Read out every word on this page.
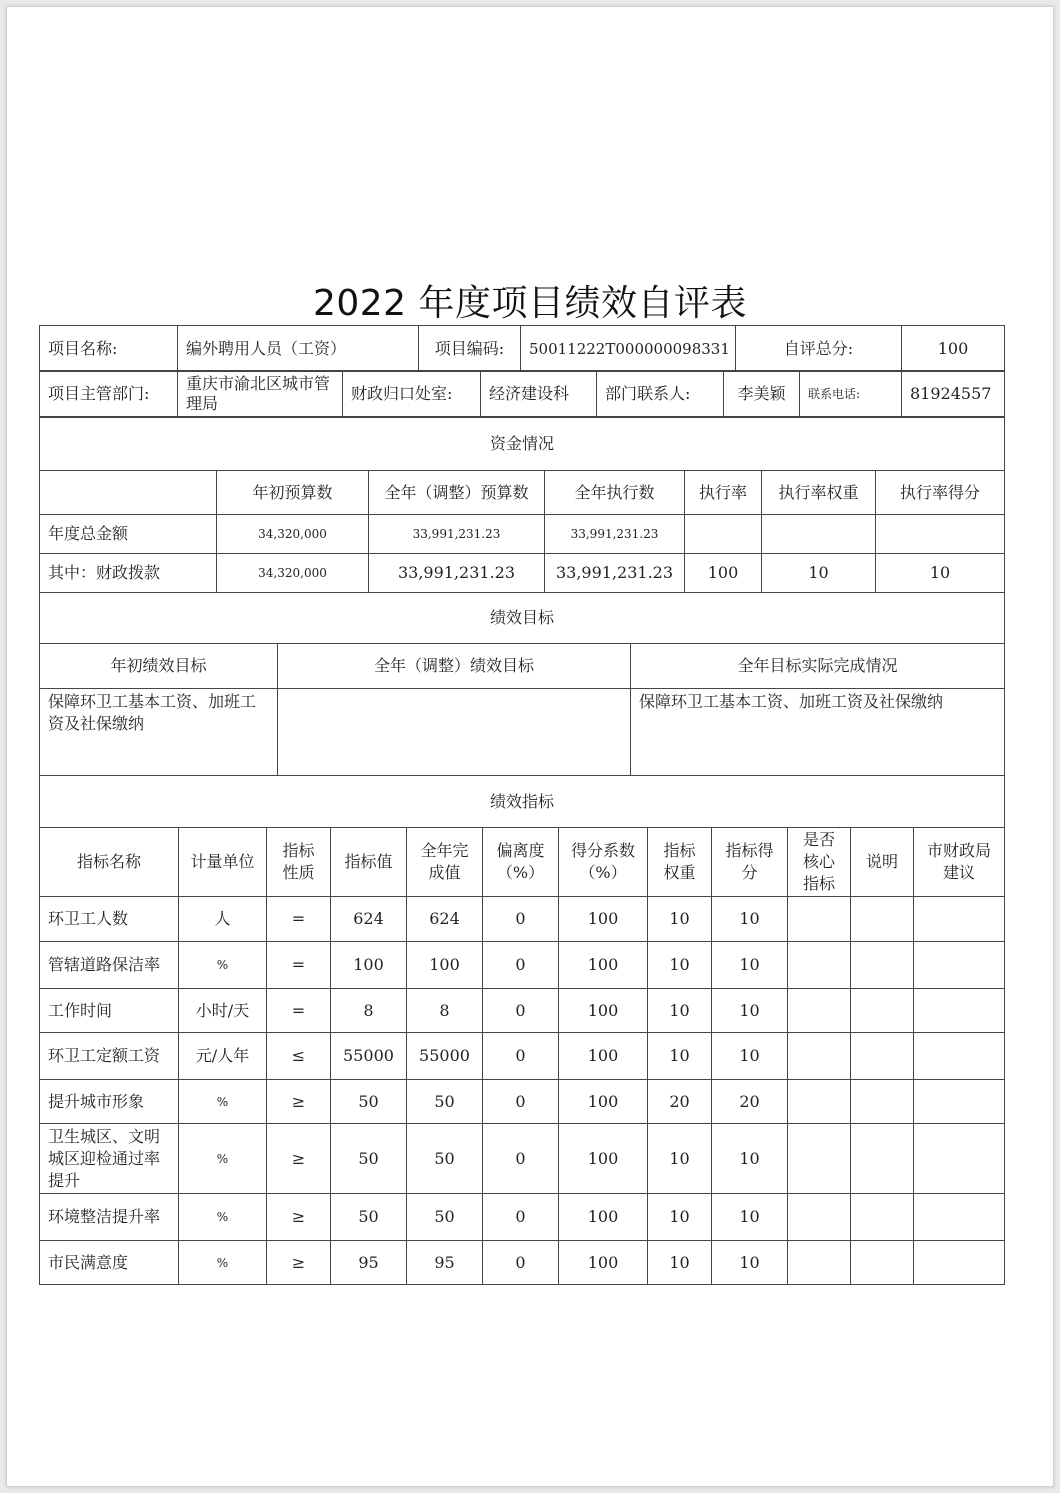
2022 年度项目绩效自评表
项目名称:	编外聘用人员（工资）	项目编码:	50011222T000000098331	自评总分:	100
项目主管部门:	重庆市渝北区城市管理局	财政归口处室:	经济建设科	部门联系人:	李美颖	联系电话:	81924557
资金情况						
	年初预算数	全年（调整）预算数	全年执行数	执行率	执行率权重	执行率得分
年度总金额	34,320,000	33,991,231.23	33,991,231.23			
其中：财政拨款	34,320,000	33,991,231.23	33,991,231.23	100	10	10
绩效目标		
年初绩效目标	全年（调整）绩效目标	全年目标实际完成情况
保障环卫工基本工资、加班工资及社保缴纳		保障环卫工基本工资、加班工资及社保缴纳
绩效指标											
指标名称	计量单位	指标性质	指标值	全年完成值	偏离度（%）	得分系数（%）	指标权重	指标得分	是否核心指标	说明	市财政局建议
环卫工人数	人	=	624	624	0	100	10	10			
管辖道路保洁率	%	=	100	100	0	100	10	10			
工作时间	小时/天	=	8	8	0	100	10	10			
环卫工定额工资	元/人年	≤	55000	55000	0	100	10	10			
提升城市形象	%	≥	50	50	0	100	20	20			
卫生城区、文明城区迎检通过率提升	%	≥	50	50	0	100	10	10			
环境整洁提升率	%	≥	50	50	0	100	10	10			
市民满意度	%	≥	95	95	0	100	10	10			
